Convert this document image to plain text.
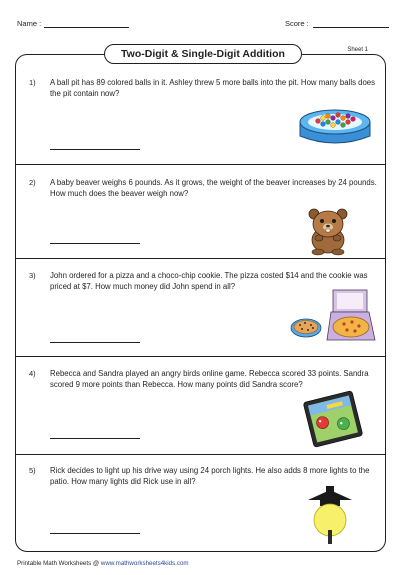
Name :	Score :
Two-Digit & Single-Digit Addition	Sheet 1
1) A ball pit has 89 colored balls in it. Ashley threw 5 more balls into the pit. How many balls does the pit contain now?
2) A baby beaver weighs 6 pounds. As it grows, the weight of the beaver increases by 24 pounds. How much does the beaver weigh now?
3) John ordered for a pizza and a choco-chip cookie. The pizza costed $14 and the cookie was priced at $7. How much money did John spend in all?
4) Rebecca and Sandra played an angry birds online game. Rebecca scored 33 points. Sandra scored 9 more points than Rebecca. How many points did Sandra score?
5) Rick decides to light up his drive way using 24 porch lights. He also adds 8 more lights to the patio. How many lights did Rick use in all?
Printable Math Worksheets @ www.mathworksheets4kids.com
